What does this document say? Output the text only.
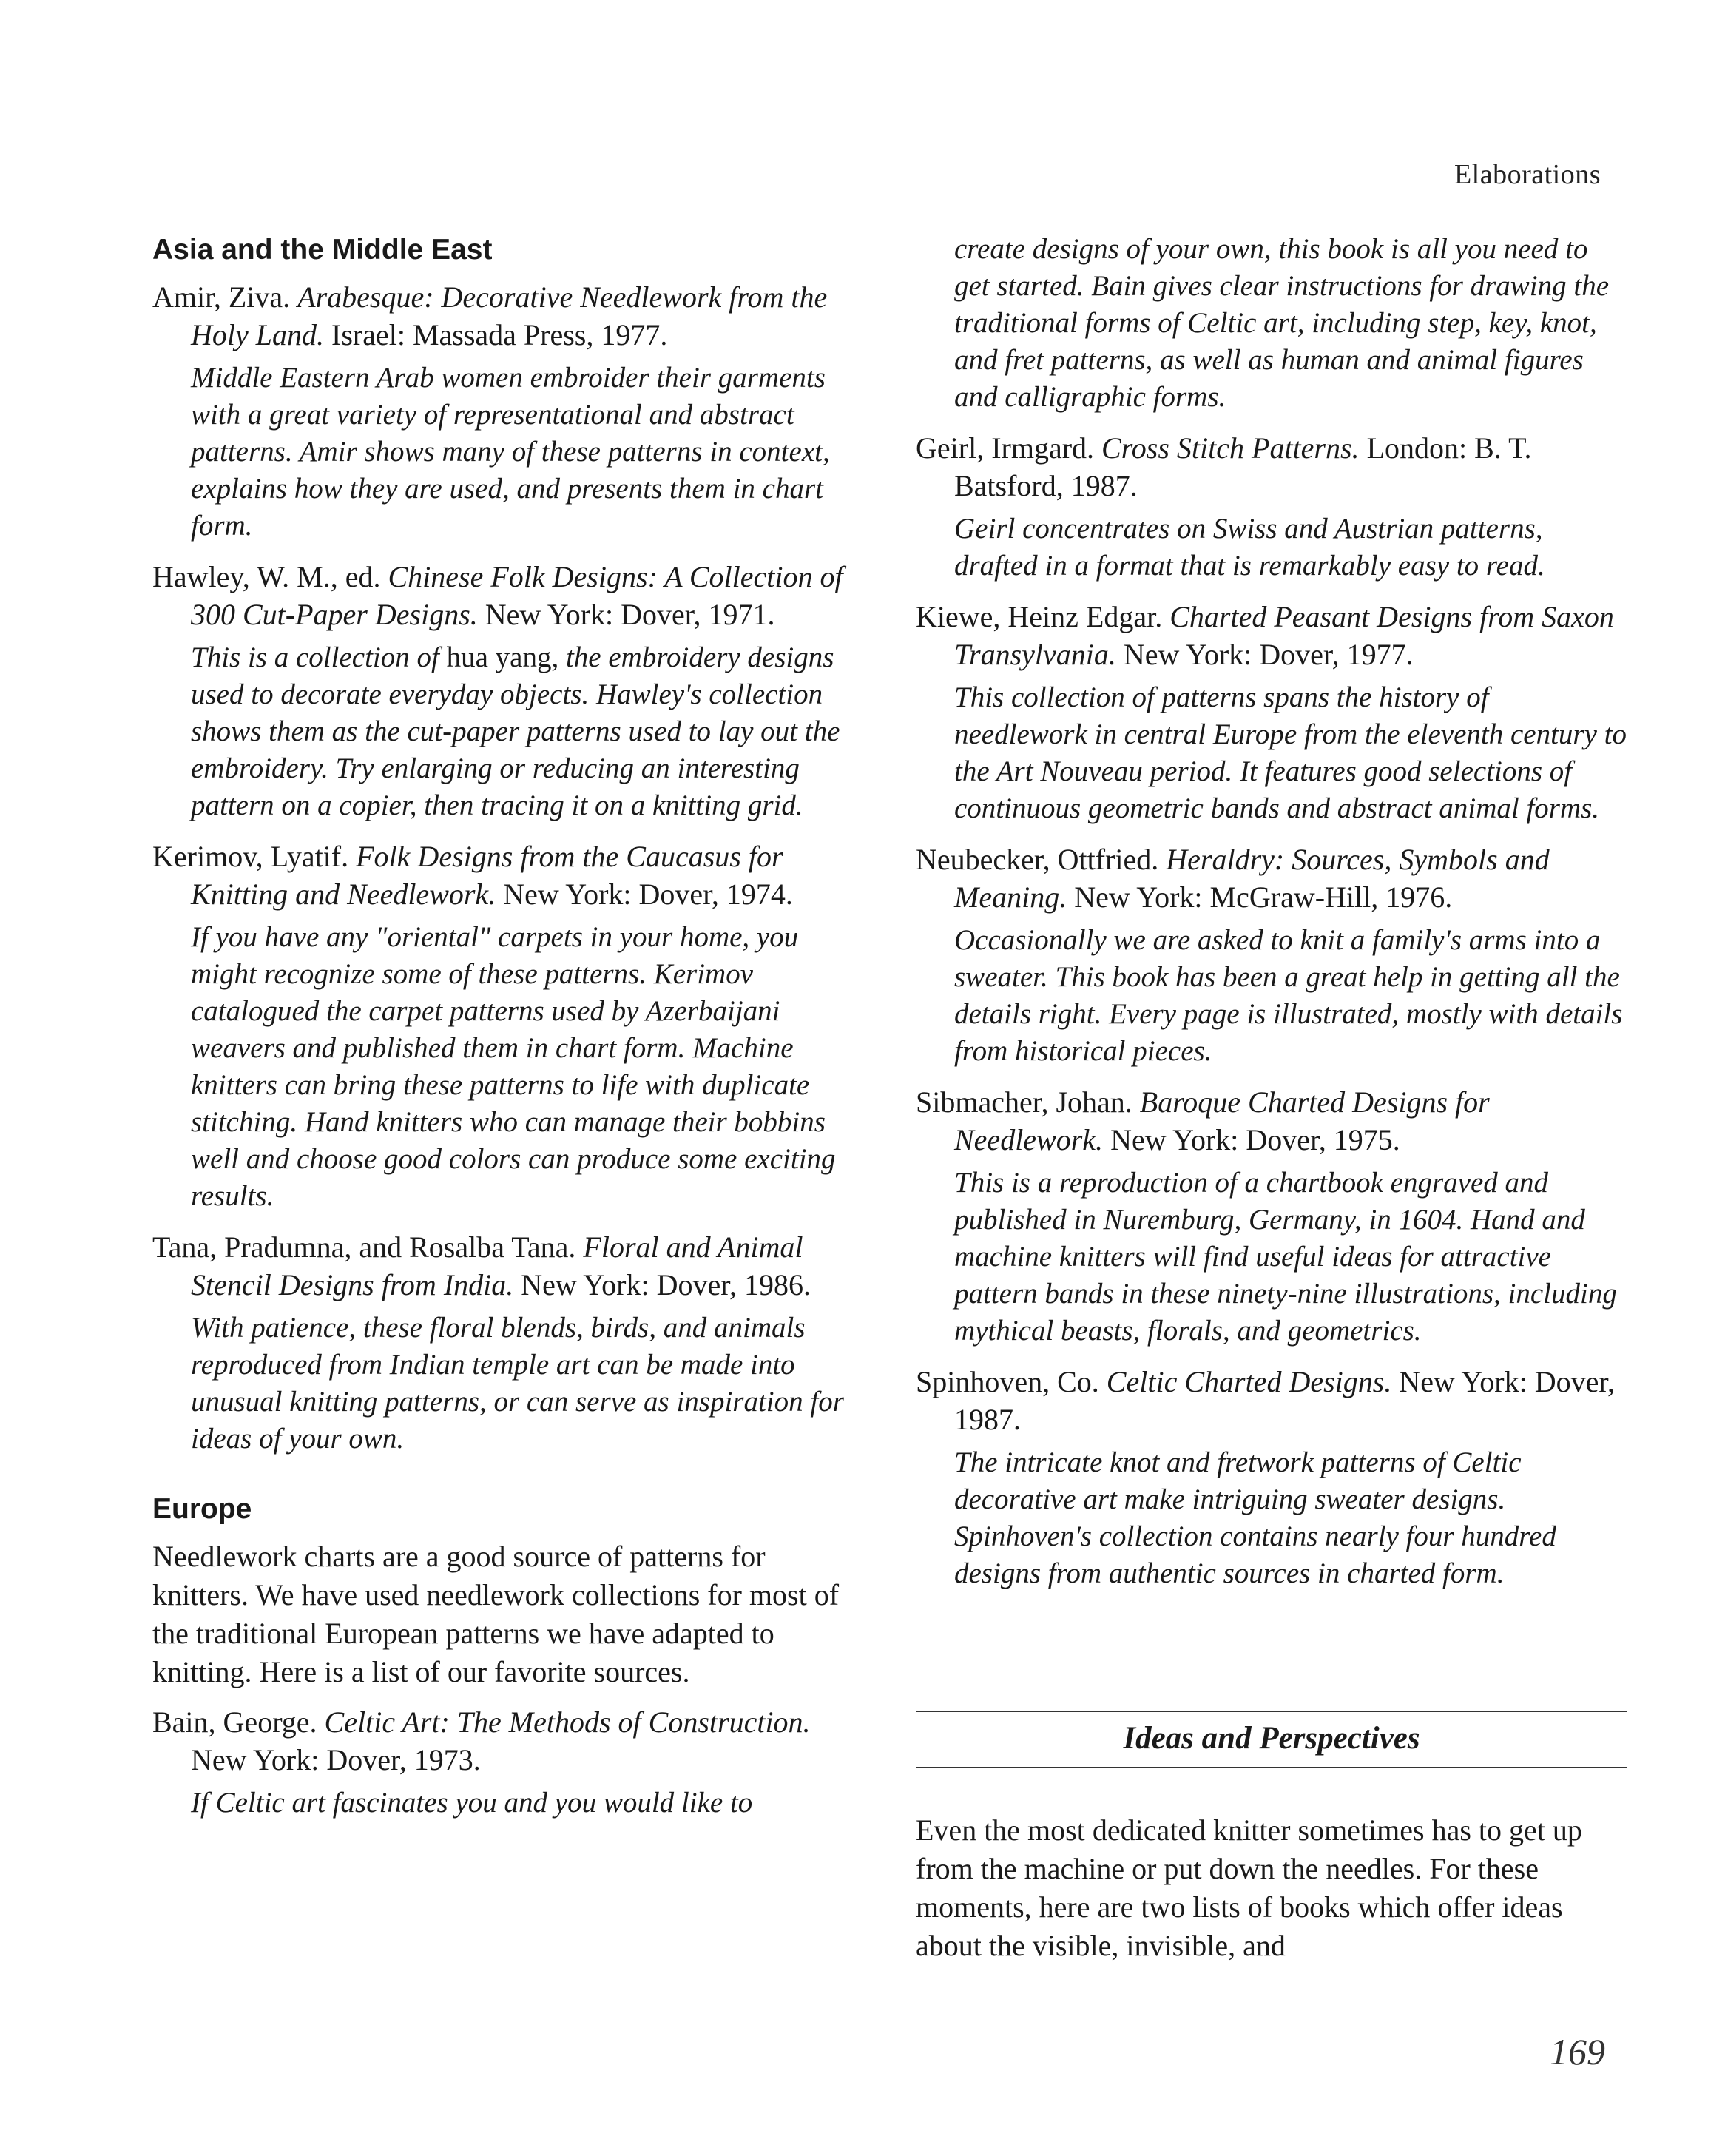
Elaborations
Asia and the Middle East
Amir, Ziva. Arabesque: Decorative Needlework from the Holy Land. Israel: Massada Press, 1977.
Middle Eastern Arab women embroider their garments with a great variety of representational and abstract patterns. Amir shows many of these patterns in context, explains how they are used, and presents them in chart form.
Hawley, W. M., ed. Chinese Folk Designs: A Collection of 300 Cut-Paper Designs. New York: Dover, 1971.
This is a collection of hua yang, the embroidery designs used to decorate everyday objects. Hawley's collection shows them as the cut-paper patterns used to lay out the embroidery. Try enlarging or reducing an interesting pattern on a copier, then tracing it on a knitting grid.
Kerimov, Lyatif. Folk Designs from the Caucasus for Knitting and Needlework. New York: Dover, 1974.
If you have any "oriental" carpets in your home, you might recognize some of these patterns. Kerimov catalogued the carpet patterns used by Azerbaijani weavers and published them in chart form. Machine knitters can bring these patterns to life with duplicate stitching. Hand knitters who can manage their bobbins well and choose good colors can produce some exciting results.
Tana, Pradumna, and Rosalba Tana. Floral and Animal Stencil Designs from India. New York: Dover, 1986.
With patience, these floral blends, birds, and animals reproduced from Indian temple art can be made into unusual knitting patterns, or can serve as inspiration for ideas of your own.
Europe
Needlework charts are a good source of patterns for knitters. We have used needlework collections for most of the traditional European patterns we have adapted to knitting. Here is a list of our favorite sources.
Bain, George. Celtic Art: The Methods of Construction. New York: Dover, 1973.
If Celtic art fascinates you and you would like to
create designs of your own, this book is all you need to get started. Bain gives clear instructions for drawing the traditional forms of Celtic art, including step, key, knot, and fret patterns, as well as human and animal figures and calligraphic forms.
Geirl, Irmgard. Cross Stitch Patterns. London: B. T. Batsford, 1987.
Geirl concentrates on Swiss and Austrian patterns, drafted in a format that is remarkably easy to read.
Kiewe, Heinz Edgar. Charted Peasant Designs from Saxon Transylvania. New York: Dover, 1977.
This collection of patterns spans the history of needlework in central Europe from the eleventh century to the Art Nouveau period. It features good selections of continuous geometric bands and abstract animal forms.
Neubecker, Ottfried. Heraldry: Sources, Symbols and Meaning. New York: McGraw-Hill, 1976.
Occasionally we are asked to knit a family's arms into a sweater. This book has been a great help in getting all the details right. Every page is illustrated, mostly with details from historical pieces.
Sibmacher, Johan. Baroque Charted Designs for Needlework. New York: Dover, 1975.
This is a reproduction of a chartbook engraved and published in Nuremburg, Germany, in 1604. Hand and machine knitters will find useful ideas for attractive pattern bands in these ninety-nine illustrations, including mythical beasts, florals, and geometrics.
Spinhoven, Co. Celtic Charted Designs. New York: Dover, 1987.
The intricate knot and fretwork patterns of Celtic decorative art make intriguing sweater designs. Spinhoven's collection contains nearly four hundred designs from authentic sources in charted form.
Ideas and Perspectives
Even the most dedicated knitter sometimes has to get up from the machine or put down the needles. For these moments, here are two lists of books which offer ideas about the visible, invisible, and
169
